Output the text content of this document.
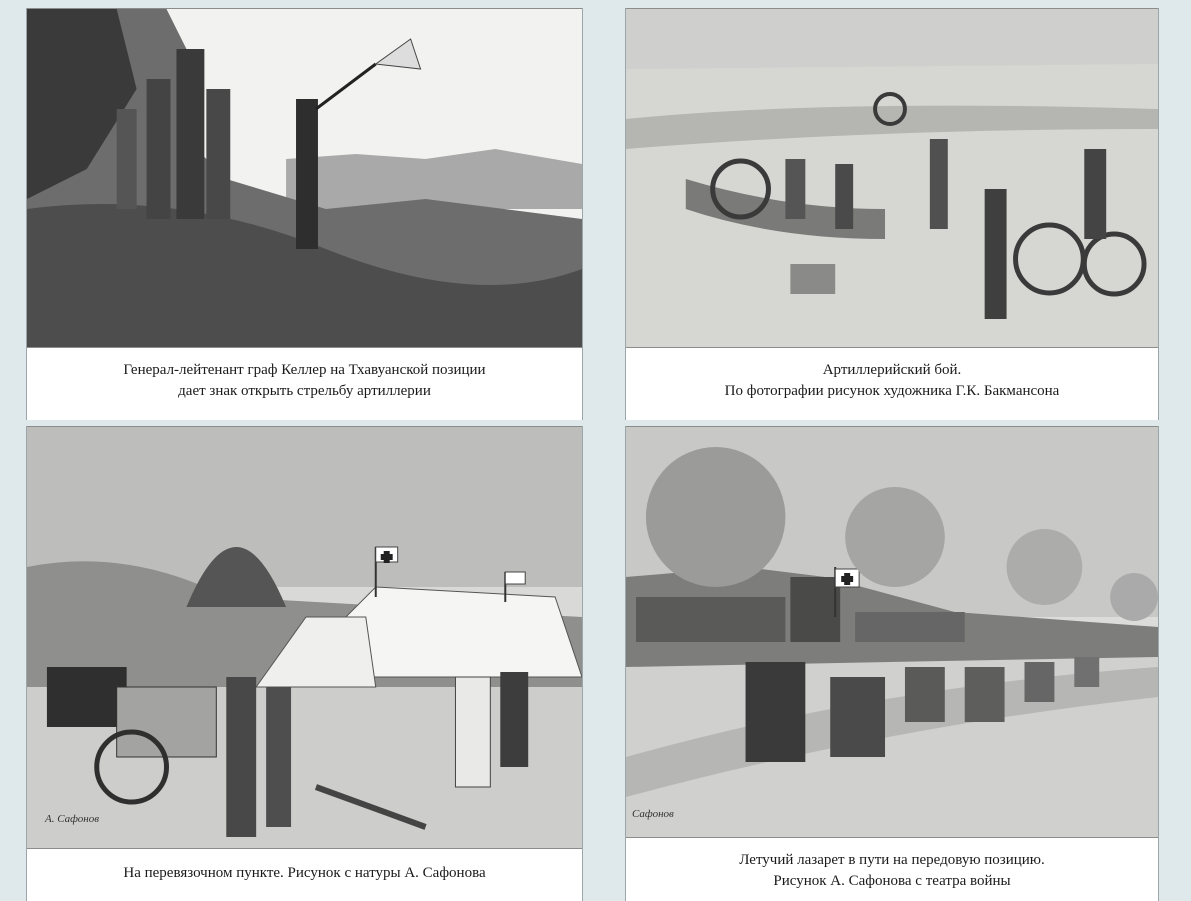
Генерал-лейтенант граф Келлер на Тхавуанской позиции
дает знак открыть стрельбу артиллерии
Артиллерийский бой.
По фотографии рисунок художника Г.К. Бакмансона
А. Сафонов
На перевязочном пункте. Рисунок с натуры А. Сафонова
Сафонов
Летучий лазарет в пути на передовую позицию.
Рисунок А. Сафонова с театра войны
